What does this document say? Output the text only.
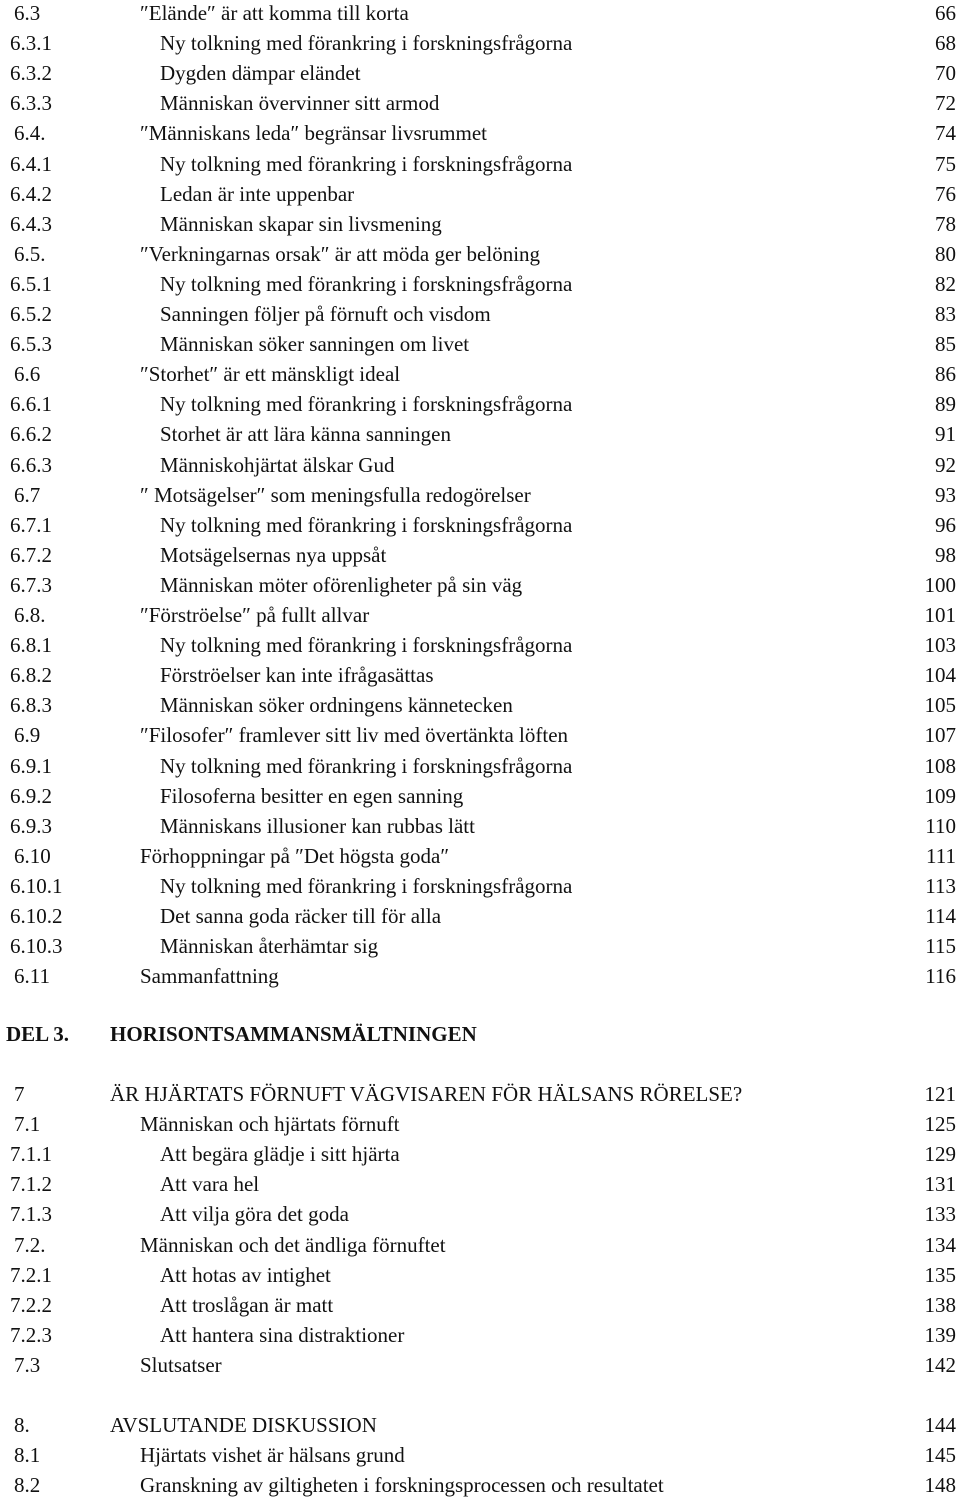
6.3	″Elände″ är att komma till korta	66
6.3.1	Ny tolkning med förankring i forskningsfrågorna	68
6.3.2	Dygden dämpar eländet	70
6.3.3	Människan övervinner sitt armod	72
6.4.	″Människans leda″ begränsar livsrummet	74
6.4.1	Ny tolkning med förankring i forskningsfrågorna	75
6.4.2	Ledan är inte uppenbar	76
6.4.3	Människan skapar sin livsmening	78
6.5.	″Verkningarnas orsak″ är att möda ger belöning	80
6.5.1	Ny tolkning med förankring i forskningsfrågorna	82
6.5.2	Sanningen följer på förnuft och visdom	83
6.5.3	Människan söker sanningen om livet	85
6.6	″Storhet″ är ett mänskligt ideal	86
6.6.1	Ny tolkning med förankring i forskningsfrågorna	89
6.6.2	Storhet är att lära känna sanningen	91
6.6.3	Människohjärtat älskar Gud	92
6.7	″ Motsägelser″ som meningsfulla redogörelser	93
6.7.1	Ny tolkning med förankring i forskningsfrågorna	96
6.7.2	Motsägelsernas nya uppsåt	98
6.7.3	Människan möter oförenligheter på sin väg	100
6.8.	″Förströelse″ på fullt allvar	101
6.8.1	Ny tolkning med förankring i forskningsfrågorna	103
6.8.2	Förströelser kan inte ifrågasättas	104
6.8.3	Människan söker ordningens kännetecken	105
6.9	″Filosofer″ framlever sitt liv med övertänkta löften	107
6.9.1	Ny tolkning med förankring i forskningsfrågorna	108
6.9.2	Filosoferna besitter en egen sanning	109
6.9.3	Människans illusioner kan rubbas lätt	110
6.10	Förhoppningar på ″Det högsta goda″	111
6.10.1	Ny tolkning med förankring i forskningsfrågorna	113
6.10.2	Det sanna goda räcker till för alla	114
6.10.3	Människan återhämtar sig	115
6.11	Sammanfattning	116
DEL 3. HORISONTSAMMANSMÄLTNINGEN
7	ÄR HJÄRTATS FÖRNUFT VÄGVISAREN FÖR HÄLSANS RÖRELSE?	121
7.1	Människan och hjärtats förnuft	125
7.1.1	Att begära glädje i sitt hjärta	129
7.1.2	Att vara hel	131
7.1.3	Att vilja göra det goda	133
7.2.	Människan och det ändliga förnuftet	134
7.2.1	Att hotas av intighet	135
7.2.2	Att troslågan är matt	138
7.2.3	Att hantera sina distraktioner	139
7.3	Slutsatser	142
8.	AVSLUTANDE DISKUSSION	144
8.1	Hjärtats vishet är hälsans grund	145
8.2	Granskning av giltigheten i forskningsprocessen och resultatet	148
